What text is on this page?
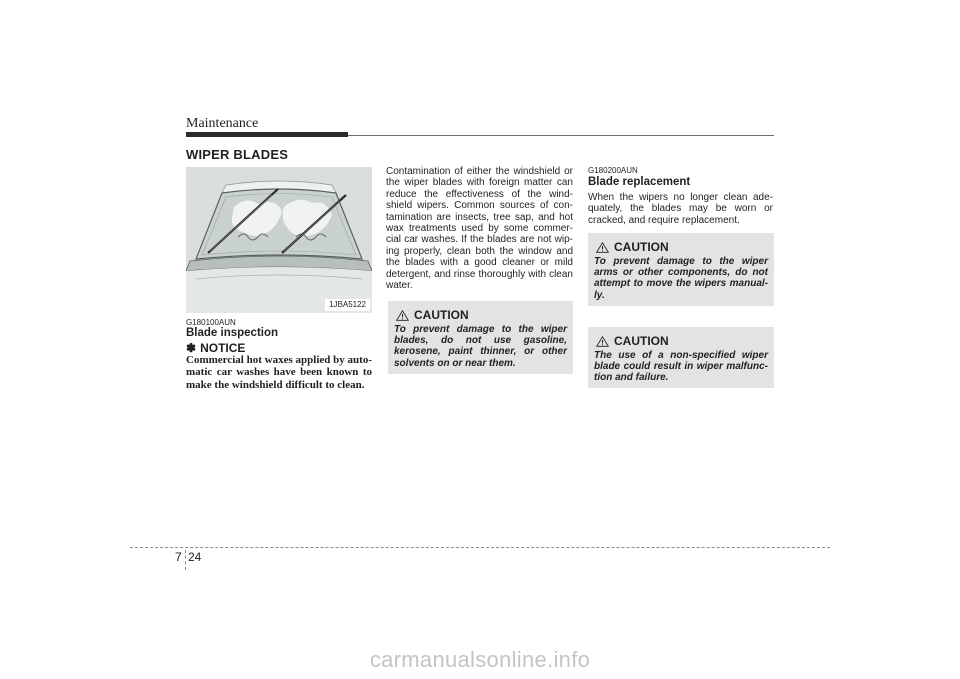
Maintenance
WIPER BLADES
1JBA5122
G180100AUN
Blade inspection
✽ NOTICE
Commercial hot waxes applied by auto-matic car washes have been known to make the windshield difficult to clean.
Contamination of either the windshield or the wiper blades with foreign matter can reduce the effectiveness of the wind-shield wipers. Common sources of con-tamination are insects, tree sap, and hot wax treatments used by some commer-cial car washes. If the blades are not wip-ing properly, clean both the window and the blades with a good cleaner or mild detergent, and rinse thoroughly with clean water.
CAUTION
To prevent damage to the wiper blades, do not use gasoline, kerosene, paint thinner, or other solvents on or near them.
G180200AUN
Blade replacement
When the wipers no longer clean ade-quately, the blades may be worn or cracked, and require replacement.
CAUTION
To prevent damage to the wiper arms or other components, do not attempt to move the wipers manual-ly.
CAUTION
The use of a non-specified wiper blade could result in wiper malfunc-tion and failure.
7 24
carmanualsonline.info
